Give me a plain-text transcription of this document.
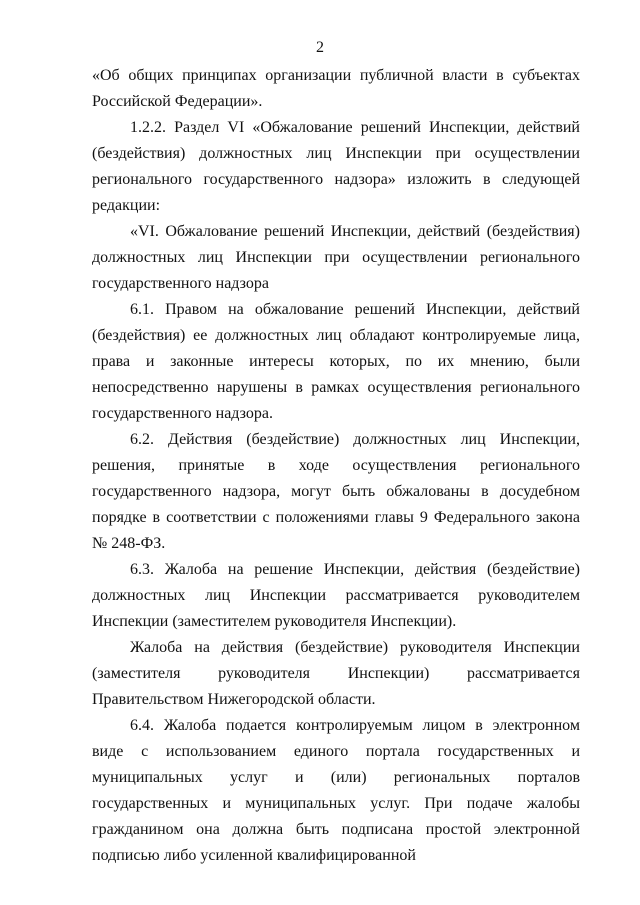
2

«Об общих принципах организации публичной власти в субъектах Российской Федерации».

1.2.2. Раздел VI «Обжалование решений Инспекции, действий (бездействия) должностных лиц Инспекции при осуществлении регионального государственного надзора» изложить в следующей редакции:

«VI. Обжалование решений Инспекции, действий (бездействия) должностных лиц Инспекции при осуществлении регионального государственного надзора

6.1. Правом на обжалование решений Инспекции, действий (бездействия) ее должностных лиц обладают контролируемые лица, права и законные интересы которых, по их мнению, были непосредственно нарушены в рамках осуществления регионального государственного надзора.

6.2. Действия (бездействие) должностных лиц Инспекции, решения, принятые в ходе осуществления регионального государственного надзора, могут быть обжалованы в досудебном порядке в соответствии с положениями главы 9 Федерального закона № 248-ФЗ.

6.3. Жалоба на решение Инспекции, действия (бездействие) должностных лиц Инспекции рассматривается руководителем Инспекции (заместителем руководителя Инспекции).

Жалоба на действия (бездействие) руководителя Инспекции (заместителя руководителя Инспекции) рассматривается Правительством Нижегородской области.

6.4. Жалоба подается контролируемым лицом в электронном виде с использованием единого портала государственных и муниципальных услуг и (или) региональных порталов государственных и муниципальных услуг. При подаче жалобы гражданином она должна быть подписана простой электронной подписью либо усиленной квалифицированной
